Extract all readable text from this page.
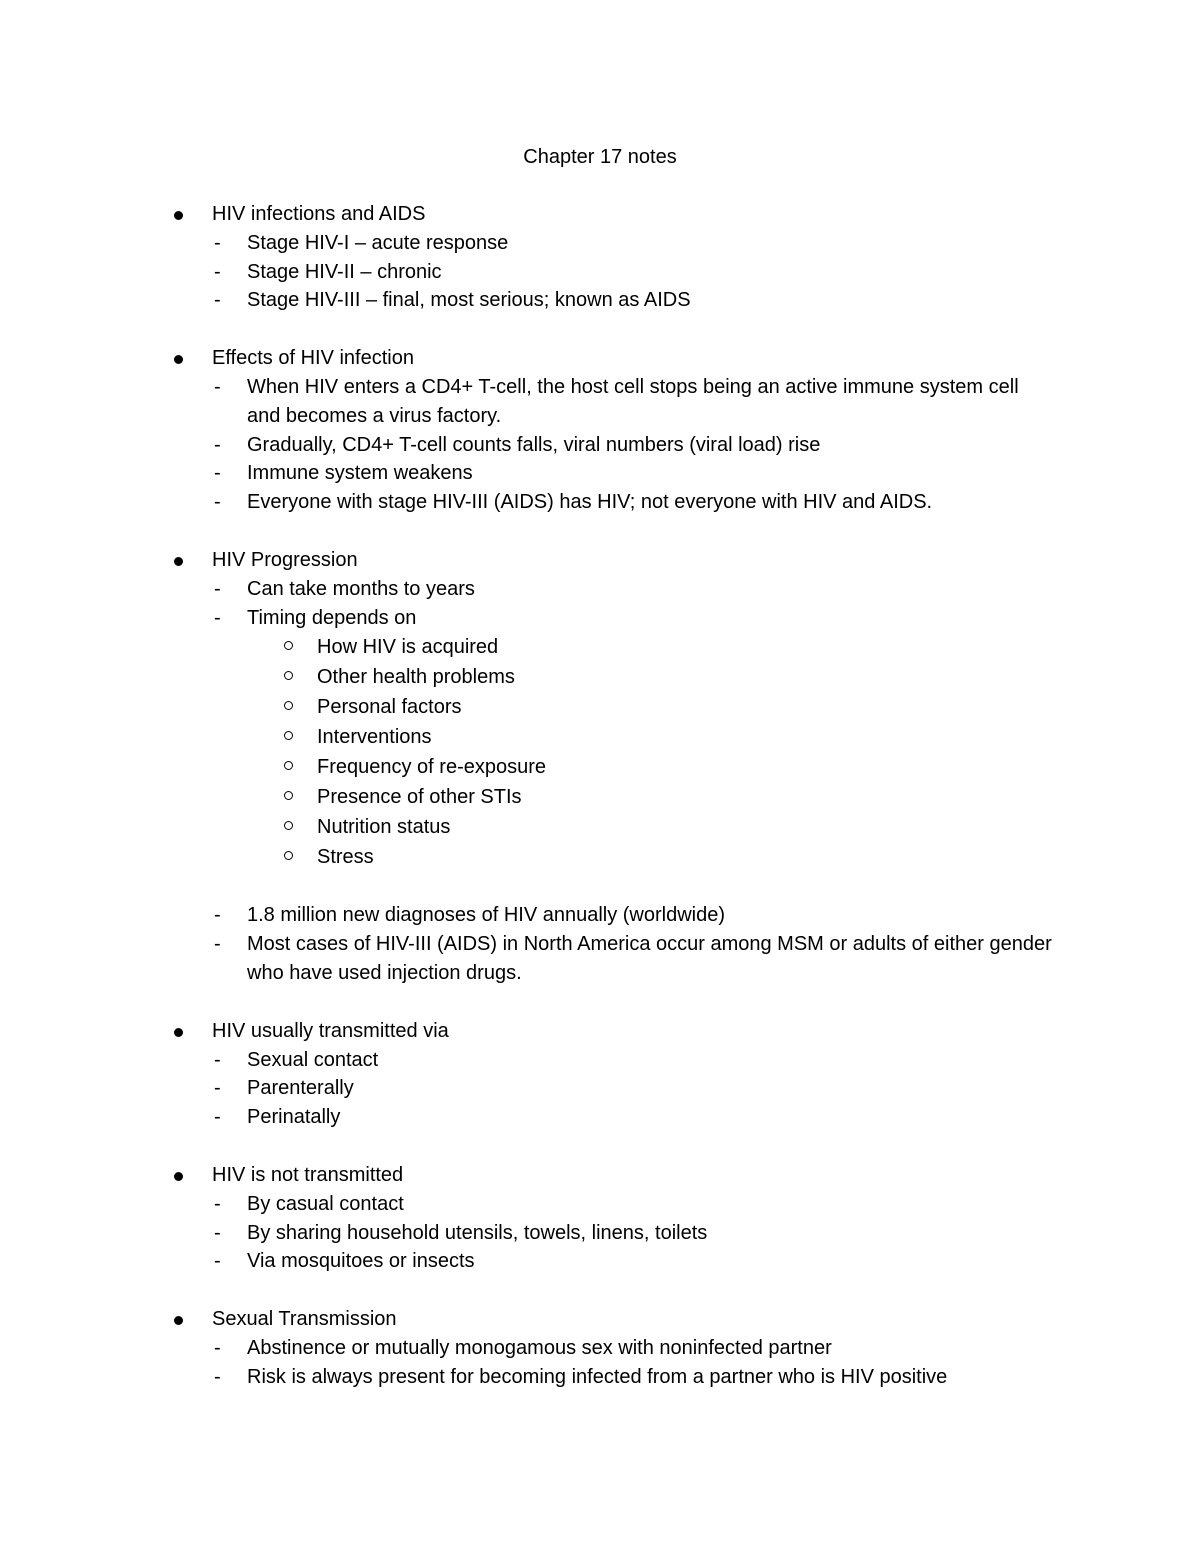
Chapter 17 notes
HIV infections and AIDS
- Stage HIV-I – acute response
- Stage HIV-II – chronic
- Stage HIV-III – final, most serious; known as AIDS
Effects of HIV infection
- When HIV enters a CD4+ T-cell, the host cell stops being an active immune system cell and becomes a virus factory.
- Gradually, CD4+ T-cell counts falls, viral numbers (viral load) rise
- Immune system weakens
- Everyone with stage HIV-III (AIDS) has HIV; not everyone with HIV and AIDS.
HIV Progression
- Can take months to years
- Timing depends on
How HIV is acquired
Other health problems
Personal factors
Interventions
Frequency of re-exposure
Presence of other STIs
Nutrition status
Stress
- 1.8 million new diagnoses of HIV annually (worldwide)
- Most cases of HIV-III (AIDS) in North America occur among MSM or adults of either gender who have used injection drugs.
HIV usually transmitted via
- Sexual contact
- Parenterally
- Perinatally
HIV is not transmitted
- By casual contact
- By sharing household utensils, towels, linens, toilets
- Via mosquitoes or insects
Sexual Transmission
- Abstinence or mutually monogamous sex with noninfected partner
- Risk is always present for becoming infected from a partner who is HIV positive
